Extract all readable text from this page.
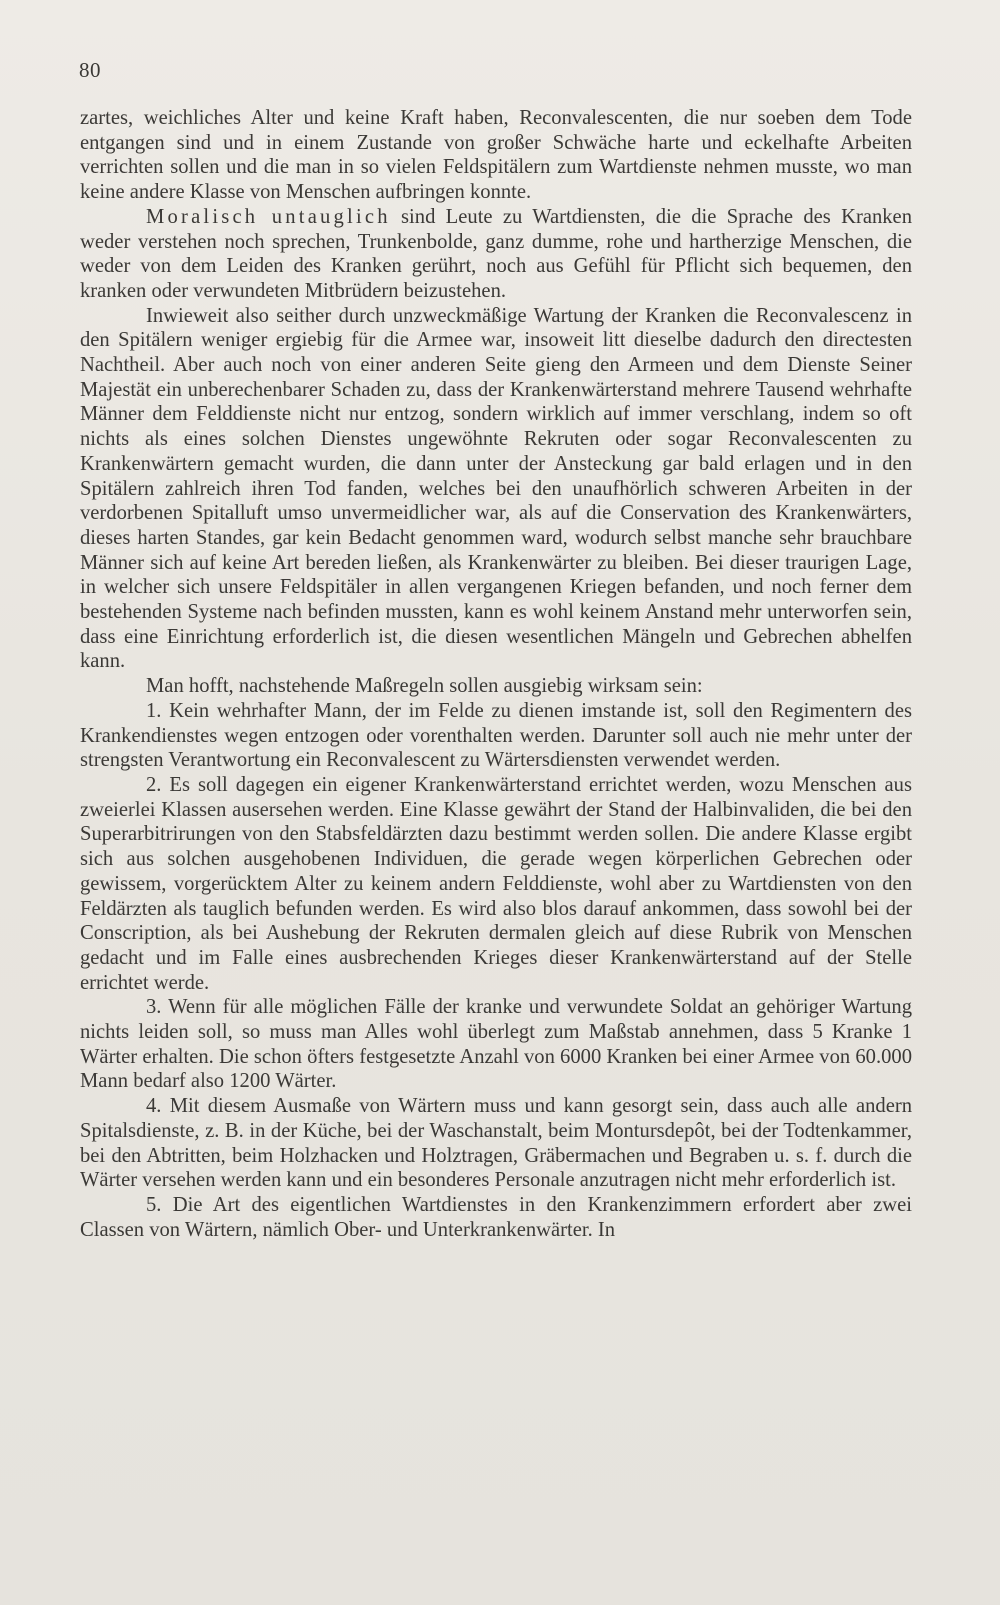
80

zartes, weichliches Alter und keine Kraft haben, Reconvalescenten, die nur soeben dem Tode entgangen sind und in einem Zustande von großer Schwäche harte und eckelhafte Arbeiten verrichten sollen und die man in so vielen Feldspitälern zum Wartdienste nehmen musste, wo man keine andere Klasse von Menschen aufbringen konnte.

Moralisch untauglich sind Leute zu Wartdiensten, die die Sprache des Kranken weder verstehen noch sprechen, Trunkenbolde, ganz dumme, rohe und hartherzige Menschen, die weder von dem Leiden des Kranken gerührt, noch aus Gefühl für Pflicht sich bequemen, den kranken oder verwundeten Mitbrüdern beizustehen.

Inwieweit also seither durch unzweckmäßige Wartung der Kranken die Reconvalescenz in den Spitälern weniger ergiebig für die Armee war, insoweit litt dieselbe dadurch den directesten Nachtheil. Aber auch noch von einer anderen Seite gieng den Armeen und dem Dienste Seiner Majestät ein unberechenbarer Schaden zu, dass der Krankenwärterstand mehrere Tausend wehrhafte Männer dem Felddienste nicht nur entzog, sondern wirklich auf immer verschlang, indem so oft nichts als eines solchen Dienstes ungewöhnte Rekruten oder sogar Reconvalescenten zu Krankenwärtern gemacht wurden, die dann unter der Ansteckung gar bald erlagen und in den Spitälern zahlreich ihren Tod fanden, welches bei den unaufhörlich schweren Arbeiten in der verdorbenen Spitalluft umso unvermeidlicher war, als auf die Conservation des Krankenwärters, dieses harten Standes, gar kein Bedacht genommen ward, wodurch selbst manche sehr brauchbare Männer sich auf keine Art bereden ließen, als Krankenwärter zu bleiben. Bei dieser traurigen Lage, in welcher sich unsere Feldspitäler in allen vergangenen Kriegen befanden, und noch ferner dem bestehenden Systeme nach befinden mussten, kann es wohl keinem Anstand mehr unterworfen sein, dass eine Einrichtung erforderlich ist, die diesen wesentlichen Mängeln und Gebrechen abhelfen kann.

Man hofft, nachstehende Maßregeln sollen ausgiebig wirksam sein:

1. Kein wehrhafter Mann, der im Felde zu dienen imstande ist, soll den Regimentern des Krankendienstes wegen entzogen oder vorenthalten werden. Darunter soll auch nie mehr unter der strengsten Verantwortung ein Reconvalescent zu Wärtersdiensten verwendet werden.

2. Es soll dagegen ein eigener Krankenwärterstand errichtet werden, wozu Menschen aus zweierlei Klassen ausersehen werden. Eine Klasse gewährt der Stand der Halbinvaliden, die bei den Superarbitrirungen von den Stabsfeldärzten dazu bestimmt werden sollen. Die andere Klasse ergibt sich aus solchen ausgehobenen Individuen, die gerade wegen körperlichen Gebrechen oder gewissem, vorgerücktem Alter zu keinem andern Felddienste, wohl aber zu Wartdiensten von den Feldärzten als tauglich befunden werden. Es wird also blos darauf ankommen, dass sowohl bei der Conscription, als bei Aushebung der Rekruten dermalen gleich auf diese Rubrik von Menschen gedacht und im Falle eines ausbrechenden Krieges dieser Krankenwärterstand auf der Stelle errichtet werde.

3. Wenn für alle möglichen Fälle der kranke und verwundete Soldat an gehöriger Wartung nichts leiden soll, so muss man Alles wohl überlegt zum Maßstab annehmen, dass 5 Kranke 1 Wärter erhalten. Die schon öfters festgesetzte Anzahl von 6000 Kranken bei einer Armee von 60.000 Mann bedarf also 1200 Wärter.

4. Mit diesem Ausmaße von Wärtern muss und kann gesorgt sein, dass auch alle andern Spitalsdienste, z. B. in der Küche, bei der Waschanstalt, beim Montursdepôt, bei der Todtenkammer, bei den Abtritten, beim Holzhacken und Holztragen, Gräbermachen und Begraben u. s. f. durch die Wärter versehen werden kann und ein besonderes Personale anzutragen nicht mehr erforderlich ist.

5. Die Art des eigentlichen Wartdienstes in den Krankenzimmern erfordert aber zwei Classen von Wärtern, nämlich Ober- und Unterkrankenwärter. In
